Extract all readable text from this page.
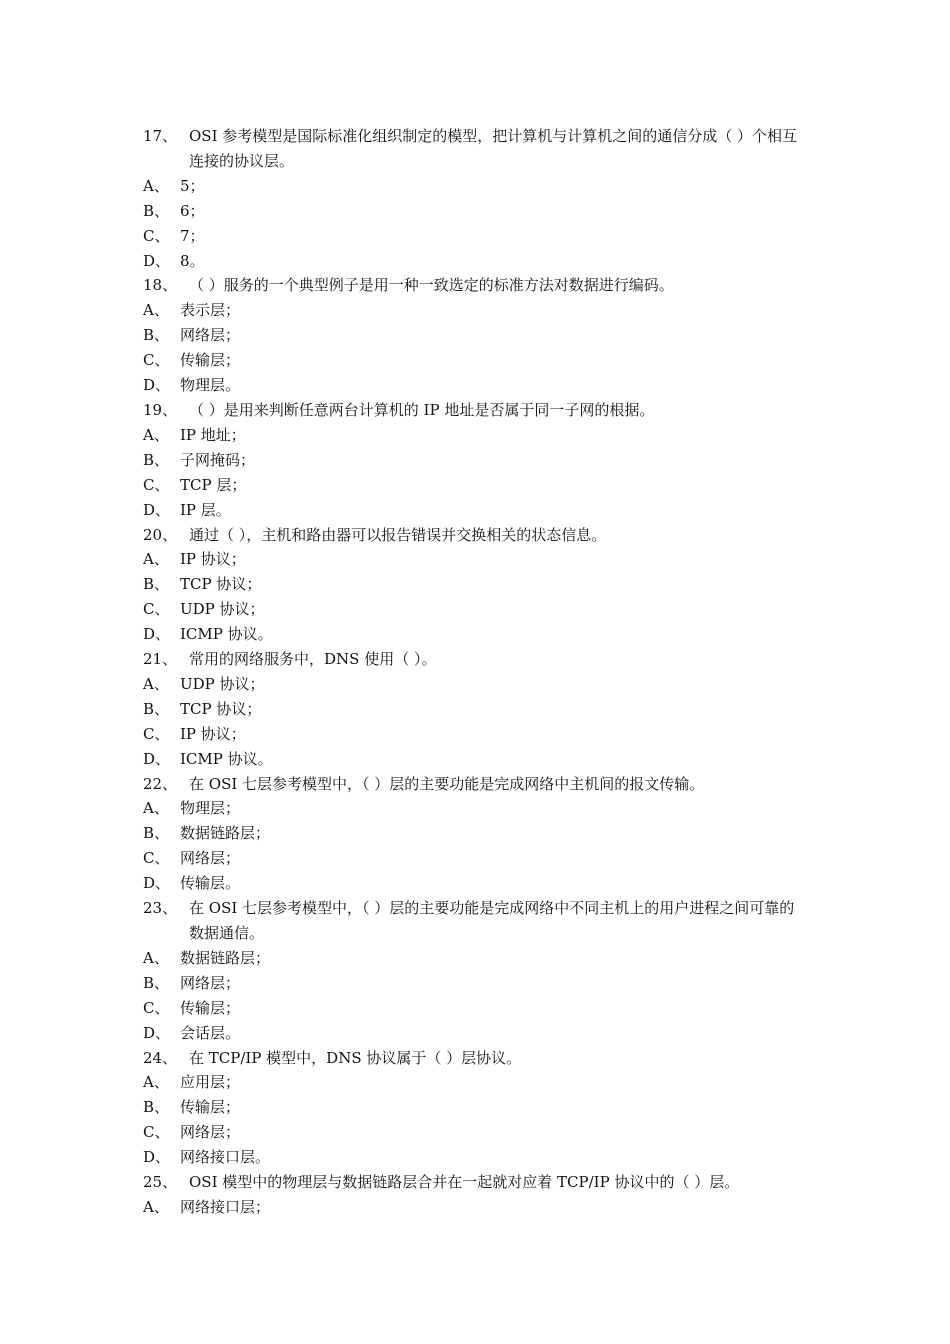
17、 OSI 参考模型是国际标准化组织制定的模型，把计算机与计算机之间的通信分成（ ）个相互连接的协议层。
A、 5；
B、 6；
C、 7；
D、 8。
18、 （ ）服务的一个典型例子是用一种一致选定的标准方法对数据进行编码。
A、 表示层；
B、 网络层；
C、 传输层；
D、 物理层。
19、 （ ）是用来判断任意两台计算机的 IP 地址是否属于同一子网的根据。
A、 IP 地址；
B、 子网掩码；
C、 TCP 层；
D、 IP 层。
20、 通过（ ），主机和路由器可以报告错误并交换相关的状态信息。
A、 IP 协议；
B、 TCP 协议；
C、 UDP 协议；
D、 ICMP 协议。
21、 常用的网络服务中，DNS 使用（ ）。
A、 UDP 协议；
B、 TCP 协议；
C、 IP 协议；
D、 ICMP 协议。
22、 在 OSI 七层参考模型中，（ ）层的主要功能是完成网络中主机间的报文传输。
A、 物理层；
B、 数据链路层；
C、 网络层；
D、 传输层。
23、 在 OSI 七层参考模型中，（ ）层的主要功能是完成网络中不同主机上的用户进程之间可靠的数据通信。
A、 数据链路层；
B、 网络层；
C、 传输层；
D、 会话层。
24、 在 TCP/IP 模型中，DNS 协议属于（ ）层协议。
A、 应用层；
B、 传输层；
C、 网络层；
D、 网络接口层。
25、 OSI 模型中的物理层与数据链路层合并在一起就对应着 TCP/IP 协议中的（ ）层。
A、 网络接口层；
